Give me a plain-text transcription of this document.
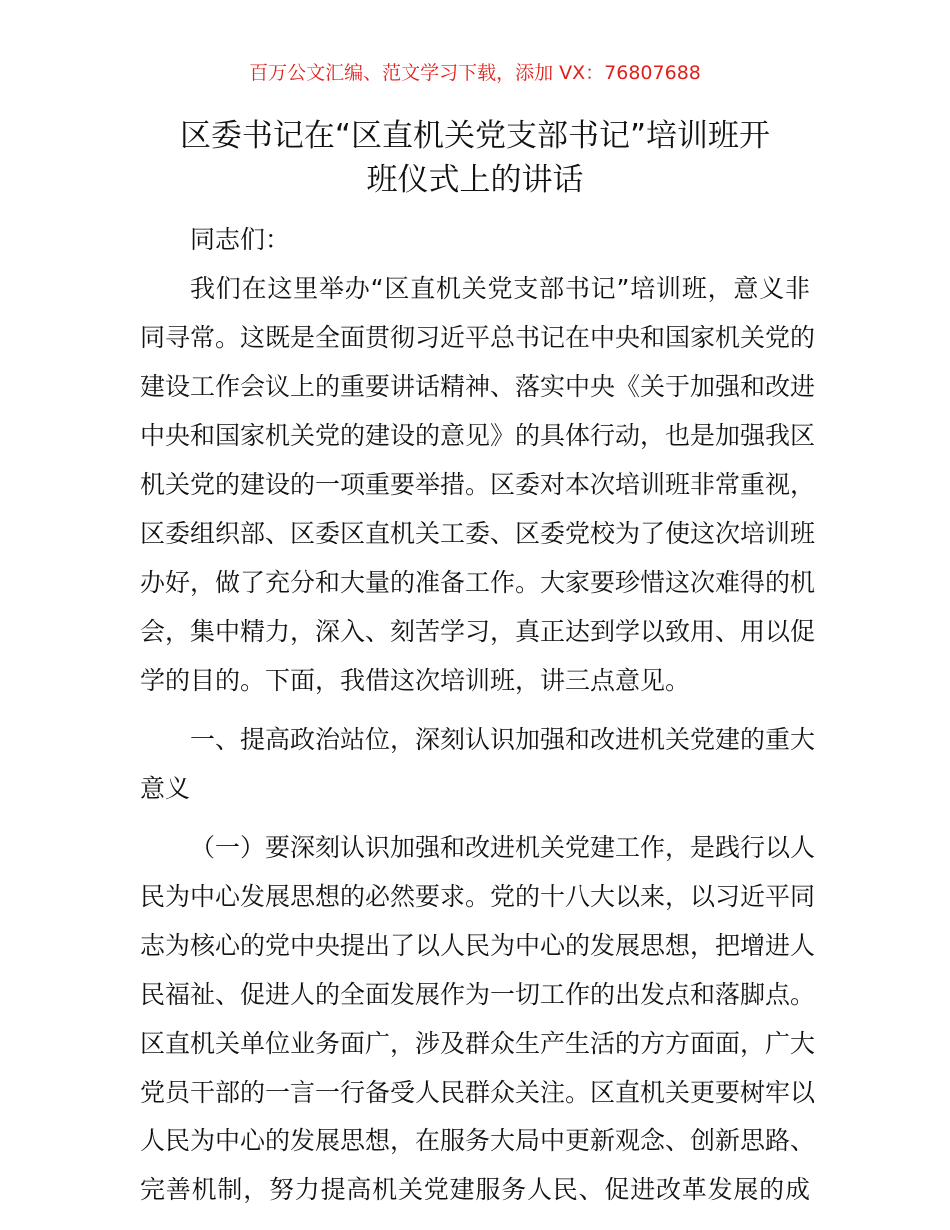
百万公文汇编、范文学习下载，添加 VX：76807688
区委书记在“区直机关党支部书记”培训班开
班仪式上的讲话
同志们：
我们在这里举办“区直机关党支部书记”培训班，意义非
同寻常。这既是全面贯彻习近平总书记在中央和国家机关党的
建设工作会议上的重要讲话精神、落实中央《关于加强和改进
中央和国家机关党的建设的意见》的具体行动，也是加强我区
机关党的建设的一项重要举措。区委对本次培训班非常重视，
区委组织部、区委区直机关工委、区委党校为了使这次培训班
办好，做了充分和大量的准备工作。大家要珍惜这次难得的机
会，集中精力，深入、刻苦学习，真正达到学以致用、用以促
学的目的。下面，我借这次培训班，讲三点意见。
一、提高政治站位，深刻认识加强和改进机关党建的重大
意义
（一）要深刻认识加强和改进机关党建工作，是践行以人
民为中心发展思想的必然要求。党的十八大以来，以习近平同
志为核心的党中央提出了以人民为中心的发展思想，把增进人
民福祉、促进人的全面发展作为一切工作的出发点和落脚点。
区直机关单位业务面广，涉及群众生产生活的方方面面，广大
党员干部的一言一行备受人民群众关注。区直机关更要树牢以
人民为中心的发展思想，在服务大局中更新观念、创新思路、
完善机制，努力提高机关党建服务人民、促进改革发展的成
